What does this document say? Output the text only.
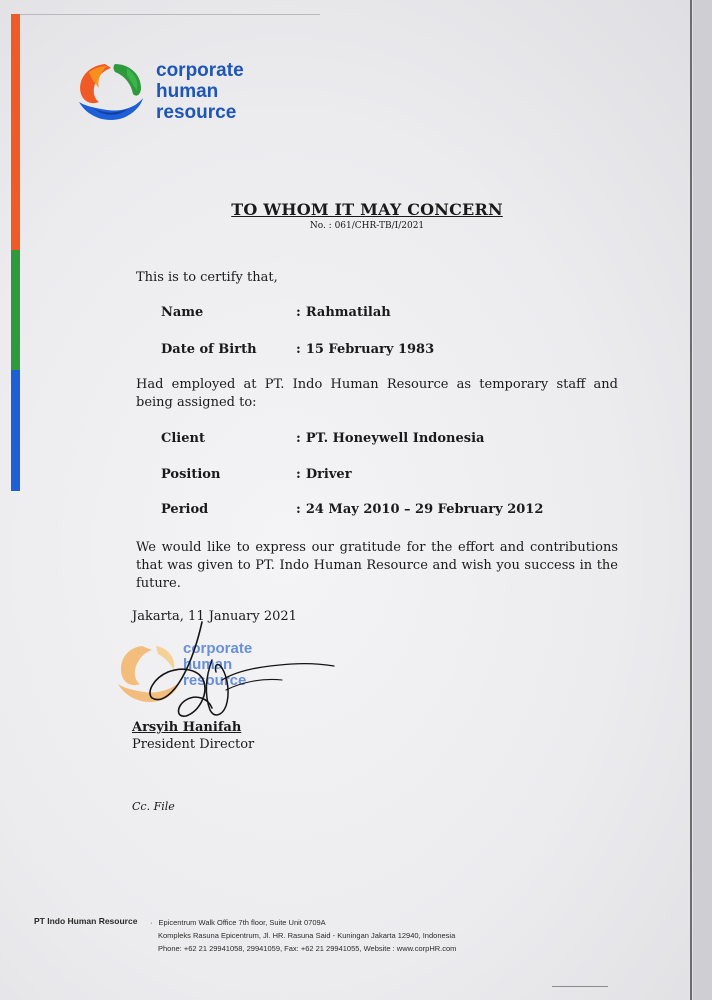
corporate
human
resource
TO WHOM IT MAY CONCERN
No. : 061/CHR-TB/I/2021
This is to certify that,
Name	: Rahmatilah
Date of Birth	: 15 February 1983
Had employed at PT. Indo Human Resource as temporary staff and being assigned to:
Client	: PT. Honeywell Indonesia
Position	: Driver
Period	: 24 May 2010 – 29 February 2012
We would like to express our gratitude for the effort and contributions that was given to PT. Indo Human Resource and wish you success in the future.
Jakarta, 11 January 2021
corporate
human
resource
Arsyih Hanifah
President Director
Cc. File
PT Indo Human Resource · Epicentrum Walk Office 7th floor, Suite Unit 0709A
Kompleks Rasuna Epicentrum, Jl. HR. Rasuna Said - Kuningan Jakarta 12940, Indonesia
Phone: +62 21 29941058, 29941059, Fax: +62 21 29941055, Website : www.corpHR.com
